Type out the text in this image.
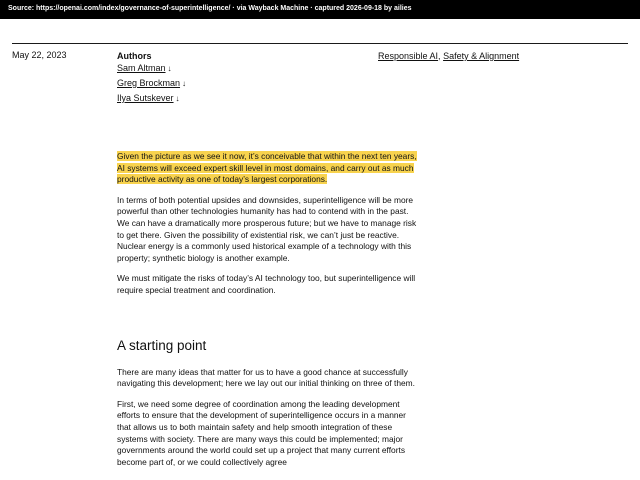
Source: https://openai.com/index/governance-of-superintelligence/ · via Wayback Machine · captured 2026-09-18 by ailies
May 22, 2023	Authors
Sam Altman ↓
Greg Brockman ↓
Ilya Sutskever ↓
Responsible AI, Safety & Alignment

Given the picture as we see it now, it’s conceivable that within the next ten years, AI systems will exceed expert skill level in most domains, and carry out as much productive activity as one of today’s largest corporations.

In terms of both potential upsides and downsides, superintelligence will be more powerful than other technologies humanity has had to contend with in the past. We can have a dramatically more prosperous future; but we have to manage risk to get there. Given the possibility of existential risk, we can’t just be reactive. Nuclear energy is a commonly used historical example of a technology with this property; synthetic biology is another example.

We must mitigate the risks of today’s AI technology too, but superintelligence will require special treatment and coordination.

A starting point

There are many ideas that matter for us to have a good chance at successfully navigating this development; here we lay out our initial thinking on three of them.

First, we need some degree of coordination among the leading development efforts to ensure that the development of superintelligence occurs in a manner that allows us to both maintain safety and help smooth integration of these systems with society. There are many ways this could be implemented; major governments around the world could set up a project that many current efforts become part of, or we could collectively agree
